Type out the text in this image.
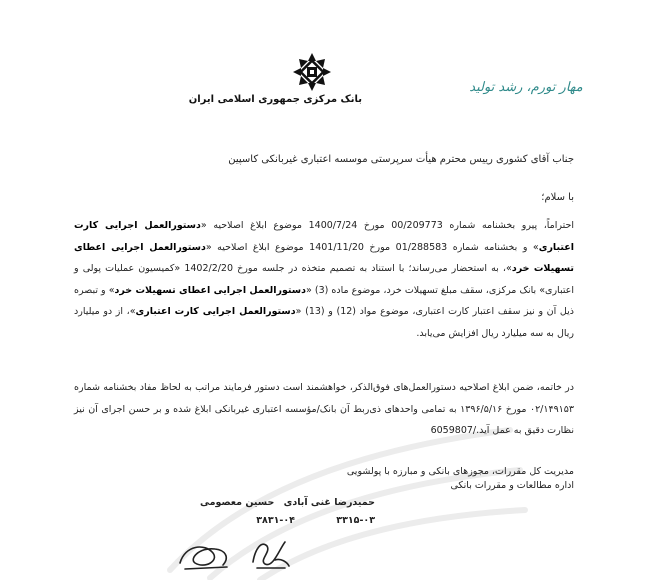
بانک مرکزی جمهوری اسلامی ایران
مهار تورم، رشد تولید
جناب آقای کشوری رییس محترم هیأت سرپرستی موسسه اعتباری غیربانکی کاسپین
با سلام؛
احتراماً، پیرو بخشنامه شماره 00/209773 مورخ 1400/7/24 موضوع ابلاغ اصلاحیه «دستورالعمل اجرایی کارت اعتباری» و بخشنامه شماره 01/288583 مورخ 1401/11/20 موضوع ابلاغ اصلاحیه «دستورالعمل اجرایی اعطای تسهیلات خرد»، به استحضار می‌رساند؛ با استناد به تصمیم متخذه در جلسه مورخ 1402/2/20 «کمیسیون عملیات پولی و اعتباری» بانک مرکزی، سقف مبلغ تسهیلات خرد، موضوع ماده (3) «دستورالعمل اجرایی اعطای تسهیلات خرد» و تبصره ذیل آن و نیز سقف اعتبار کارت اعتباری، موضوع مواد (12) و (13) «دستورالعمل اجرایی کارت اعتباری»، از دو میلیارد ریال به سه میلیارد ریال افزایش می‌یابد.
در خاتمه، ضمن ابلاغ اصلاحیه دستورالعمل‌های فوق‌الذکر، خواهشمند است دستور فرمایند مراتب به لحاظ مفاد بخشنامه شماره ۰۲/۱۴۹۱۵۳ مورخ ۱۳۹۶/۵/۱۶ به تمامی واحدهای ذی‌ربط آن بانک/مؤسسه اعتباری غیربانکی ابلاغ شده و بر حسن اجرای آن نیز نظارت دقیق به عمل آید./6059807
مدیریت کل مقررات، مجوزهای بانکی و مبارزه با پولشویی
اداره مطالعات و مقررات بانکی
حمیدرضا غنی آبادی حسین معصومی
۳۳۱۵-۰۳ ۳۸۳۱-۰۴
